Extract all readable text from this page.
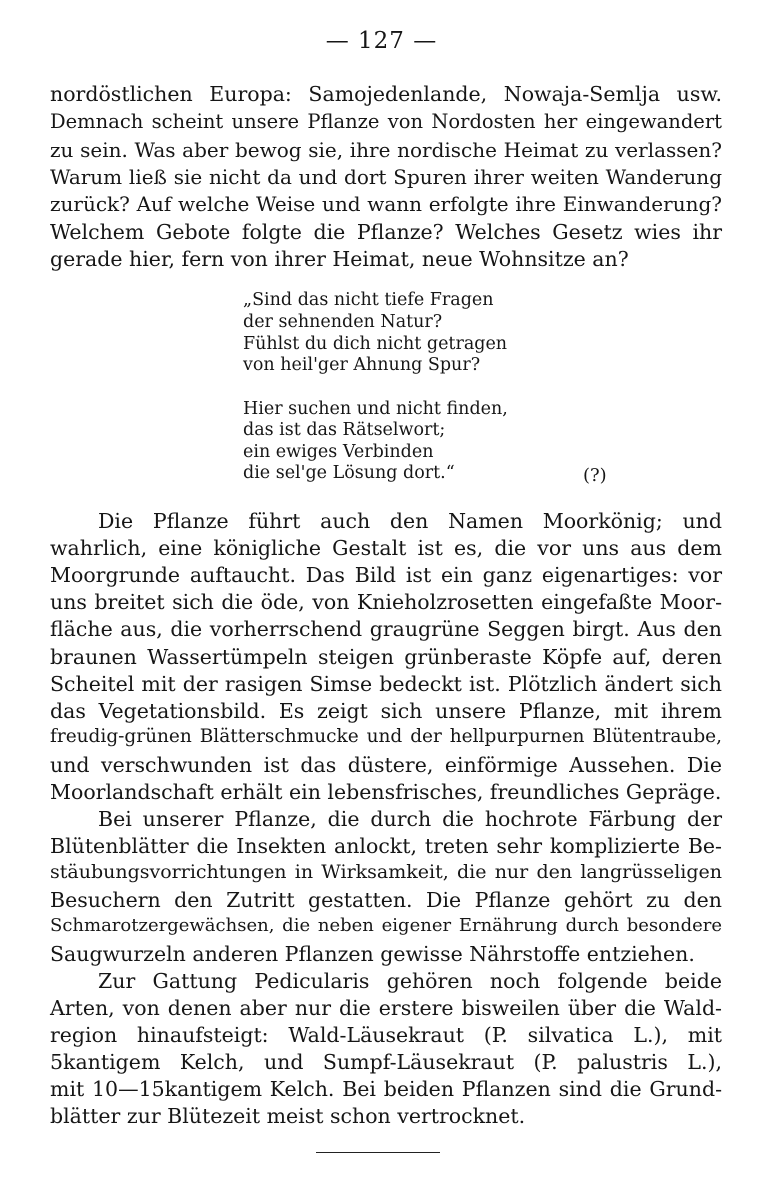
— 127 —
nordöstlichen Europa: Samojedenlande, Nowaja-Semlja usw.
Demnach scheint unsere Pflanze von Nordosten her eingewandert
zu sein. Was aber bewog sie, ihre nordische Heimat zu verlassen?
Warum ließ sie nicht da und dort Spuren ihrer weiten Wanderung
zurück? Auf welche Weise und wann erfolgte ihre Einwanderung?
Welchem Gebote folgte die Pflanze? Welches Gesetz wies ihr
gerade hier, fern von ihrer Heimat, neue Wohnsitze an?
„Sind das nicht tiefe Fragen
der sehnenden Natur?
Fühlst du dich nicht getragen
von heil'ger Ahnung Spur?
Hier suchen und nicht finden,
das ist das Rätselwort;
ein ewiges Verbinden
die sel'ge Lösung dort.“	(?)
Die Pflanze führt auch den Namen Moorkönig; und
wahrlich, eine königliche Gestalt ist es, die vor uns aus dem
Moorgrunde auftaucht. Das Bild ist ein ganz eigenartiges: vor
uns breitet sich die öde, von Knieholzrosetten eingefaßte Moor-
fläche aus, die vorherrschend graugrüne Seggen birgt. Aus den
braunen Wassertümpeln steigen grünberaste Köpfe auf, deren
Scheitel mit der rasigen Simse bedeckt ist. Plötzlich ändert sich
das Vegetationsbild. Es zeigt sich unsere Pflanze, mit ihrem
freudig-grünen Blätterschmucke und der hellpurpurnen Blütentraube,
und verschwunden ist das düstere, einförmige Aussehen. Die
Moorlandschaft erhält ein lebensfrisches, freundliches Gepräge.
Bei unserer Pflanze, die durch die hochrote Färbung der
Blütenblätter die Insekten anlockt, treten sehr komplizierte Be-
stäubungsvorrichtungen in Wirksamkeit, die nur den langrüsseligen
Besuchern den Zutritt gestatten. Die Pflanze gehört zu den
Schmarotzergewächsen, die neben eigener Ernährung durch besondere
Saugwurzeln anderen Pflanzen gewisse Nährstoffe entziehen.
Zur Gattung Pedicularis gehören noch folgende beide
Arten, von denen aber nur die erstere bisweilen über die Wald-
region hinaufsteigt: Wald-Läusekraut (P. silvatica L.), mit
5kantigem Kelch, und Sumpf-Läusekraut (P. palustris L.),
mit 10—15kantigem Kelch. Bei beiden Pflanzen sind die Grund-
blätter zur Blütezeit meist schon vertrocknet.
